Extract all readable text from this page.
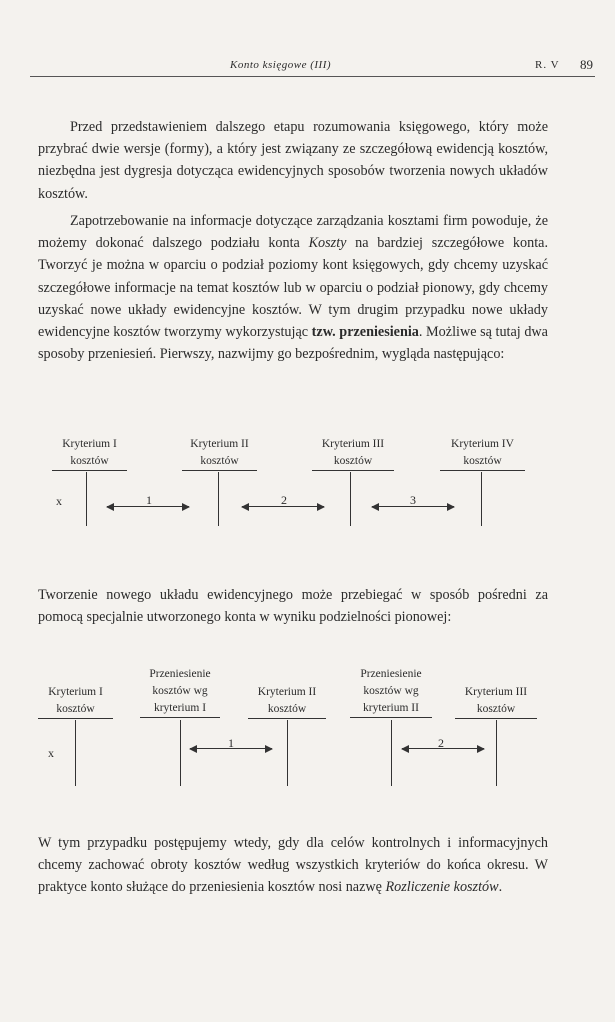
Konto księgowe (III)	R. V 89

Przed przedstawieniem dalszego etapu rozumowania księgowego, który może przybrać dwie wersje (formy), a który jest związany ze szczegółową ewidencją kosztów, niezbędna jest dygresja dotycząca ewidencyjnych sposobów tworzenia nowych układów kosztów.

Zapotrzebowanie na informacje dotyczące zarządzania kosztami firm powoduje, że możemy dokonać dalszego podziału konta Koszty na bardziej szczegółowe konta. Tworzyć je można w oparciu o podział poziomy kont księgowych, gdy chcemy uzyskać szczegółowe informacje na temat kosztów lub w oparciu o podział pionowy, gdy chcemy uzyskać nowe układy ewidencyjne kosztów. W tym drugim przypadku nowe układy ewidencyjne kosztów tworzymy wykorzystując tzw. przeniesienia. Możliwe są tutaj dwa sposoby przeniesień. Pierwszy, nazwijmy go bezpośrednim, wygląda następująco:

Kryterium I
kosztów
Kryterium II
kosztów
Kryterium III
kosztów
Kryterium IV
kosztów
x	1	2	3

Tworzenie nowego układu ewidencyjnego może przebiegać w sposób pośredni za pomocą specjalnie utworzonego konta w wyniku podzielności pionowej:

Kryterium I
kosztów
Przeniesienie
kosztów wg
kryterium I
Kryterium II
kosztów
Przeniesienie
kosztów wg
kryterium II
Kryterium III
kosztów
x
1	2

W tym przypadku postępujemy wtedy, gdy dla celów kontrolnych i informacyjnych chcemy zachować obroty kosztów według wszystkich kryteriów do końca okresu. W praktyce konto służące do przeniesienia kosztów nosi nazwę Rozliczenie kosztów.
